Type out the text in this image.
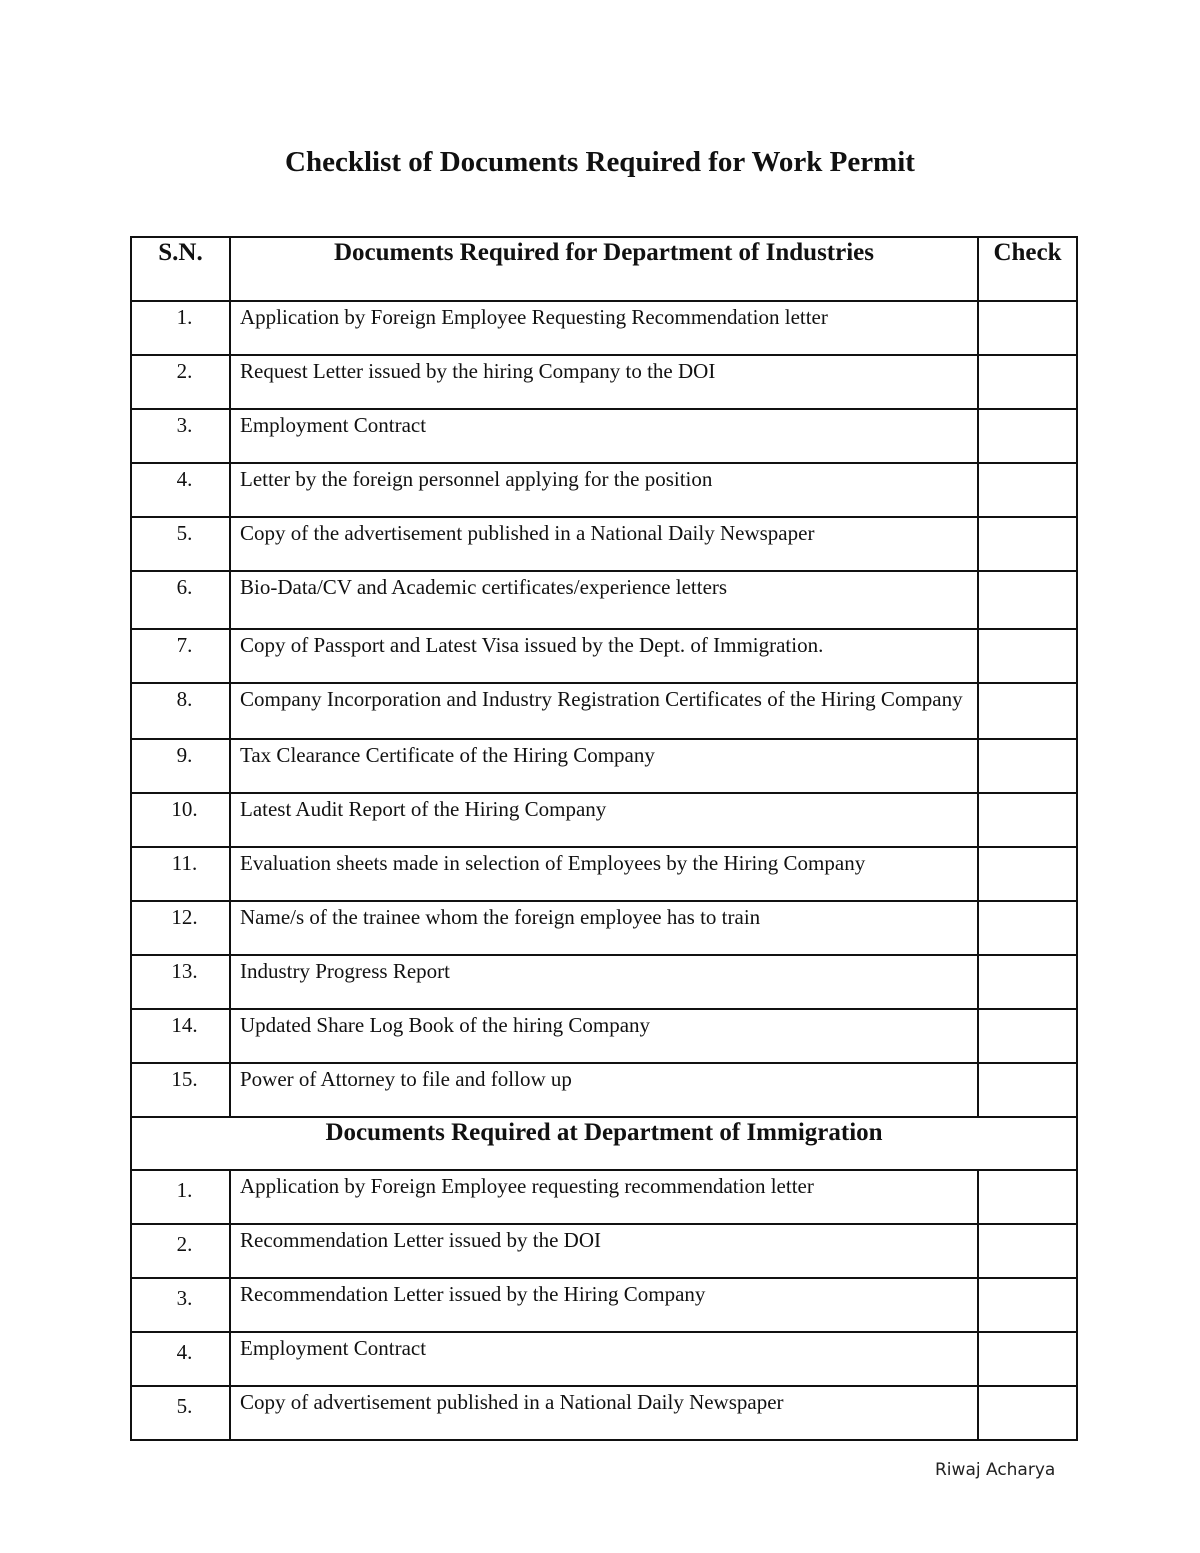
Checklist of Documents Required for Work Permit
S.N.	Documents Required for Department of Industries	Check
1.	Application by Foreign Employee Requesting Recommendation letter	
2.	Request Letter issued by the hiring Company to the DOI	
3.	Employment Contract	
4.	Letter by the foreign personnel applying for the position	
5.	Copy of the advertisement published in a National Daily Newspaper	
6.	Bio-Data/CV and Academic certificates/experience letters	
7.	Copy of Passport and Latest Visa issued by the Dept. of Immigration.	
8.	Company Incorporation and Industry Registration Certificates of the Hiring Company	
9.	Tax Clearance Certificate of the Hiring Company	
10.	Latest Audit Report of the Hiring Company	
11.	Evaluation sheets made in selection of Employees by the Hiring Company	
12.	Name/s of the trainee whom the foreign employee has to train	
13.	Industry Progress Report	
14.	Updated Share Log Book of the hiring Company	
15.	Power of Attorney to file and follow up	
Documents Required at Department of Immigration		
1.	Application by Foreign Employee requesting recommendation letter	
2.	Recommendation Letter issued by the DOI	
3.	Recommendation Letter issued by the Hiring Company	
4.	Employment Contract	
5.	Copy of advertisement published in a National Daily Newspaper	
Riwaj Acharya
